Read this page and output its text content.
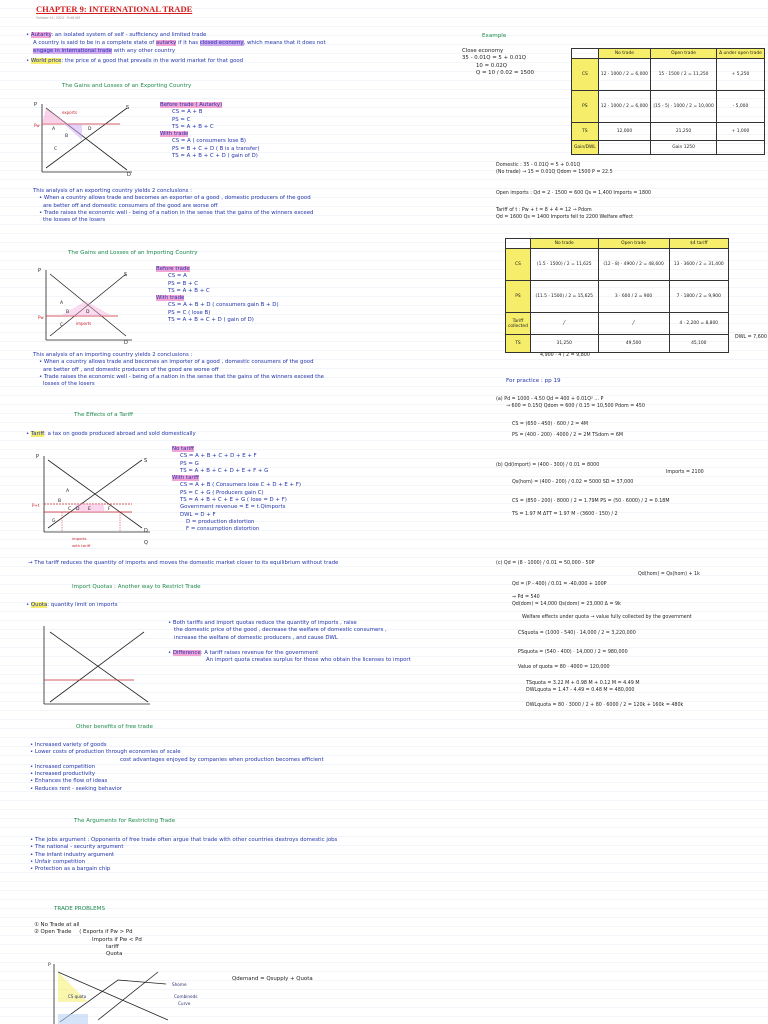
CHAPTER 9: INTERNATIONAL TRADE
October 11, 2023 9:48 AM
• Autarky: an isolated system of self - sufficiency and limited trade
A country is said to be in a complete state of autarky if it has closed economy, which means that it does not
engage in international trade with any other country
• World price: the price of a good that prevails in the world market for that good
The Gains and Losses of an Exporting Country
P	S
D
exports
A
B
C
D
Pw
Before trade ( Autarky)
CS = A + B
PS = C
TS = A + B + C
With trade
CS = A ( consumers lose B)
PS = B + C + D ( B is a transfer)
TS = A + B + C + D ( gain of D)
This analysis of an exporting country yields 2 conclusions :
• When a country allows trade and becomes an exporter of a good , domestic producers of the good
are better off and domestic consumers of the good are worse off
• Trade raises the economic well - being of a nation in the sense that the gains of the winners exceed
the losses of the losers
The Gains and Losses of an Importing Country
P
S
D
A
B	D
C	imports
Pw
Before trade
CS = A
PS = B + C
TS = A + B + C
With trade
CS = A + B + D ( consumers gain B + D)
PS = C ( lose B)
TS = A + B + C + D ( gain of D)
This analysis of an importing country yields 2 conclusions :
• When a country allows trade and becomes an importer of a good , domestic consumers of the good
are better off , and domestic producers of the good are worse off
• Trade raises the economic well - being of a nation in the sense that the gains of the winners exceed the
losses of the losers
The Effects of a Tariff
• Tariff: a tax on goods produced abroad and sold domestically
P
S
D
Q
A
B
C D E	F
G
P+t
imports
with tariff
No tariff
CS = A + B + C + D + E + F
PS = G
TS = A + B + C + D + E + F + G
With tariff
CS = A + B ( Consumers lose C + D + E + F)
PS = C + G ( Producers gain C)
TS = A + B + C + E + G ( lose = D + F)
Government revenue = E = t.Qimports
DWL = D + F
D = production distortion
F = consumption distortion
→ The tariff reduces the quantity of imports and moves the domestic market closer to its equilibrium without trade
Import Quotas : Another way to Restrict Trade
• Quota: quantity limit on imports
• Both tariffs and import quotas reduce the quantity of imports , raise
the domestic price of the good , decrease the welfare of domestic consumers ,
increase the welfare of domestic producers , and cause DWL
• Difference: A tariff raises revenue for the government
An import quota creates surplus for those who obtain the licenses to import
Other benefits of free trade
• Increased variety of goods
• Lower costs of production through economies of scale
cost advantages enjoyed by companies when production becomes efficient
• Increased competition
• Increased productivity
• Enhances the flow of ideas
• Reduces rent - seeking behavior
The Arguments for Restricting Trade
• The jobs argument : Opponents of free trade often argue that trade with other countries destroys domestic jobs
• The national - security argument
• The infant industry argument
• Unfair competition
• Protection as a bargain chip
TRADE PROBLEMS
① No Trade at all
② Open Trade ⟨ Exports if Pw > Pd
Imports if Pw < Pd
tariff
Quota
P
CS quota
Shome
Combineds
Curve
Qdemand = Qsupply + Quota
Example
Close economy
35 - 0.01Q = 5 + 0.01Q
10 = 0.02Q
Q = 10 / 0.02 = 1500
	No trade	Open trade	Δ under open trade
CS	12 · 1000 / 2 = 6,000	15 · 1500 / 2 = 11,250	+ 5,250
PS	12 · 1000 / 2 = 6,000	(15 - 5) · 1000 / 2 = 10,000	- 5,000
TS	12,000	21,250	+ 1,000
Gain/DWL		Gain 1250	
Domestic : 35 - 0.01Q = 5 + 0.01Q
(No trade) → 15 = 0.01Q Qdom = 1500 P = 22.5
Open imports : Qd = 2 · 1500 = 600 Qs = 1,400 Imports = 1800
Tariff of t : Pw + t = 8 + 4 = 12 → Pdom
Qd = 1600 Qs = 1400 Imports fell to 2200 Welfare effect
	No trade	Open trade	$4 tariff
CS	(1.5 · 1500) / 2 = 11,625	(12 - 8) · 4900 / 2 = 48,600	13 · 3600 / 2 = 31,400
PS	(11.5 · 1500) / 2 = 15,625	3 · 600 / 2 = 900	7 · 1800 / 2 = 9,900
Tariff collected	╱	╱	4 · 2,200 = 8,800
TS	31,250	49,500	45,100
DWL = 7,600
4,900 · 4 / 2 = 9,800
For practice : pp 19
(a) Pd = 1000 - 4.50 Qd = 400 + 0.01Q² ... P
→ 600 = 0.15Q Qdom = 600 / 0.15 = 10,500 Pdom = 450
CS = (650 - 450) · 600 / 2 = 4M
PS = (400 - 200) · 4000 / 2 = 2M TSdom = 6M
(b) Qd(import) = (400 - 300) / 0.01 = 8000
Imports = 2100
Qs(hom) = (400 - 200) / 0.02 = 5000 SD = 37,000
CS = (850 - 200) · 8000 / 2 = 1.79M PS = (50 · 6000) / 2 = 0.18M
TS = 1.97 M ΔTT = 1.97 M - (3600 · 150) / 2
(c) Qd = (8 - 1000) / 0.01 = 50,000 - 50P
Qd(hom) = Qs(hom) + 1k
Qd = (P - 400) / 0.01 = -40,000 + 100P
⇒ Pd = 540
Qd(dom) = 14,000 Qs(dom) = 23,000 Δ = 9k
Welfare effects under quota → value fully collected by the government
CSquota = (1000 - 540) · 14,000 / 2 = 3,220,000
PSquota = (540 - 400) · 14,000 / 2 = 980,000
Value of quota = 80 · 4000 = 120,000
TSquota = 3.22 M + 0.98 M + 0.12 M = 4.49 M
DWLquota = 1.47 - 4.49 = 0.48 M = 480,000
DWLquota = 80 · 3000 / 2 + 80 · 6000 / 2 = 120k + 160k = 480k
